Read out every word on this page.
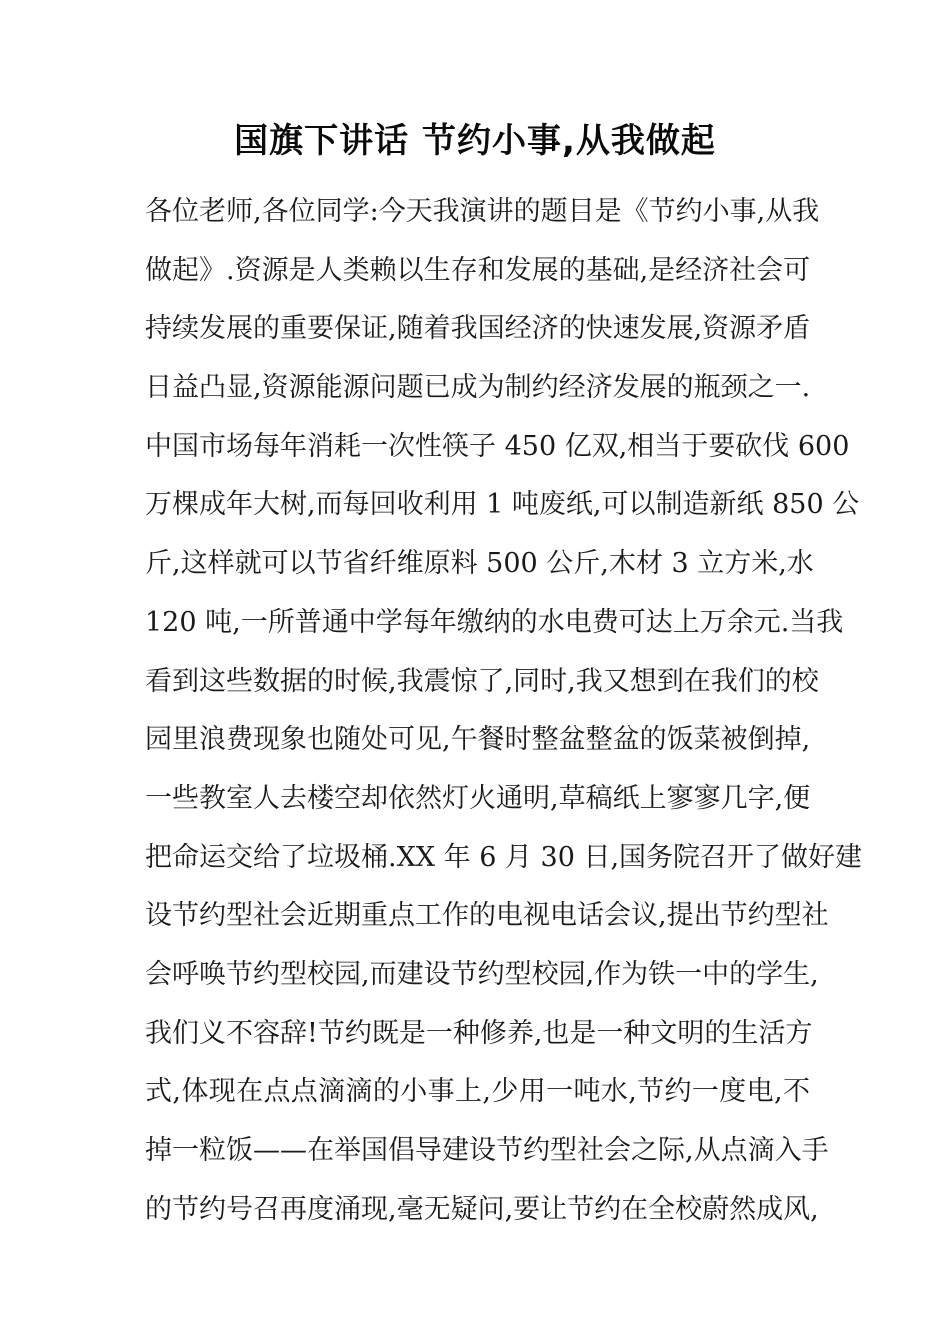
国旗下讲话 节约小事,从我做起
各位老师,各位同学:今天我演讲的题目是《节约小事,从我
做起》.资源是人类赖以生存和发展的基础,是经济社会可
持续发展的重要保证,随着我国经济的快速发展,资源矛盾
日益凸显,资源能源问题已成为制约经济发展的瓶颈之一.
中国市场每年消耗一次性筷子 450 亿双,相当于要砍伐 600
万棵成年大树,而每回收利用 1 吨废纸,可以制造新纸 850 公
斤,这样就可以节省纤维原料 500 公斤,木材 3 立方米,水
120 吨,一所普通中学每年缴纳的水电费可达上万余元.当我
看到这些数据的时候,我震惊了,同时,我又想到在我们的校
园里浪费现象也随处可见,午餐时整盆整盆的饭菜被倒掉,
一些教室人去楼空却依然灯火通明,草稿纸上寥寥几字,便
把命运交给了垃圾桶.XX 年 6 月 30 日,国务院召开了做好建
设节约型社会近期重点工作的电视电话会议,提出节约型社
会呼唤节约型校园,而建设节约型校园,作为铁一中的学生,
我们义不容辞!节约既是一种修养,也是一种文明的生活方
式,体现在点点滴滴的小事上,少用一吨水,节约一度电,不
掉一粒饭——在举国倡导建设节约型社会之际,从点滴入手
的节约号召再度涌现,毫无疑问,要让节约在全校蔚然成风,
